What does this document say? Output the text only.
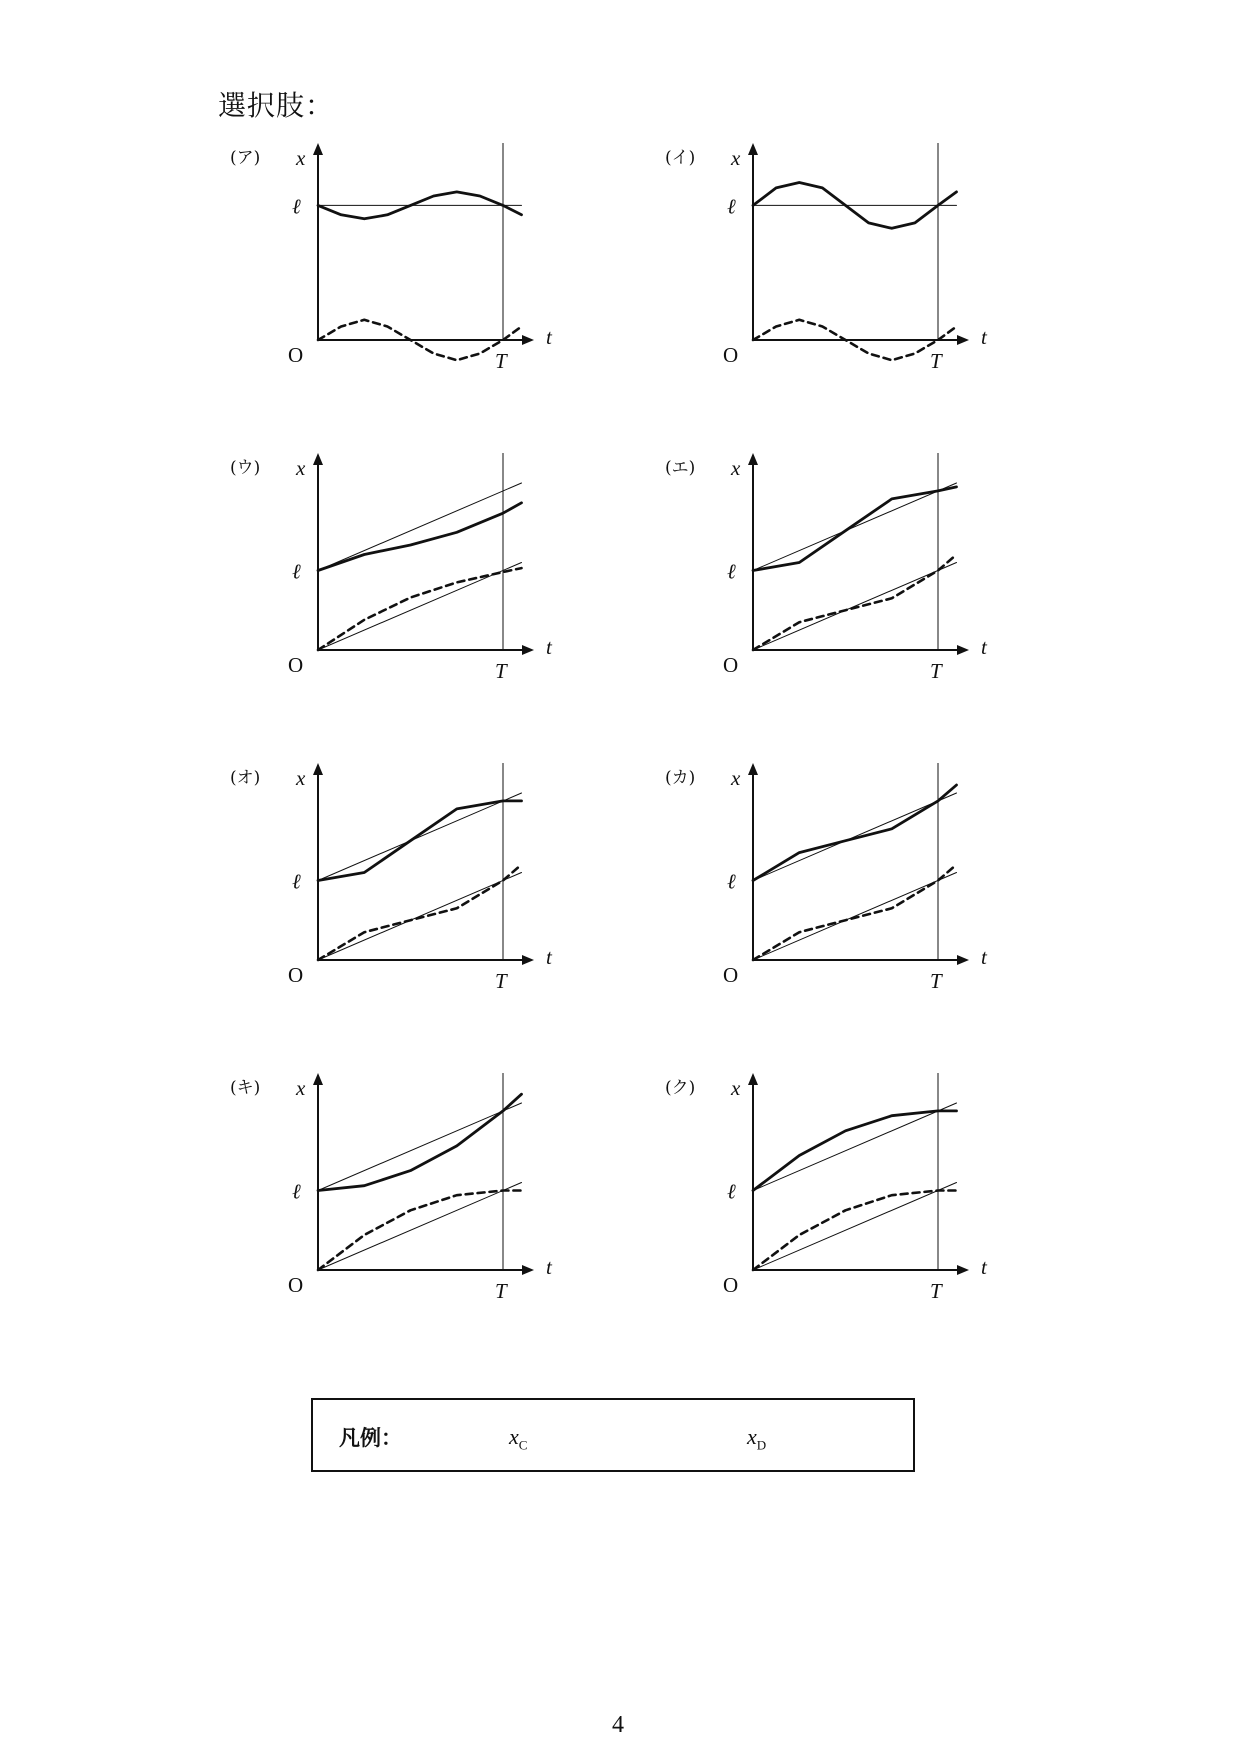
選択肢：
(ア) x
t
O	T
ℓ
(イ) x
t
O	T
ℓ
(ウ) x
t
O	T
ℓ
(エ) x
t
O	T
ℓ
(オ) x
t
O	T
ℓ
(カ) x
t
O	T
ℓ
(キ) x
t
O	T
ℓ
(ク) x
t
O	T
ℓ
凡例：	$x_C$	$x_D$
4
